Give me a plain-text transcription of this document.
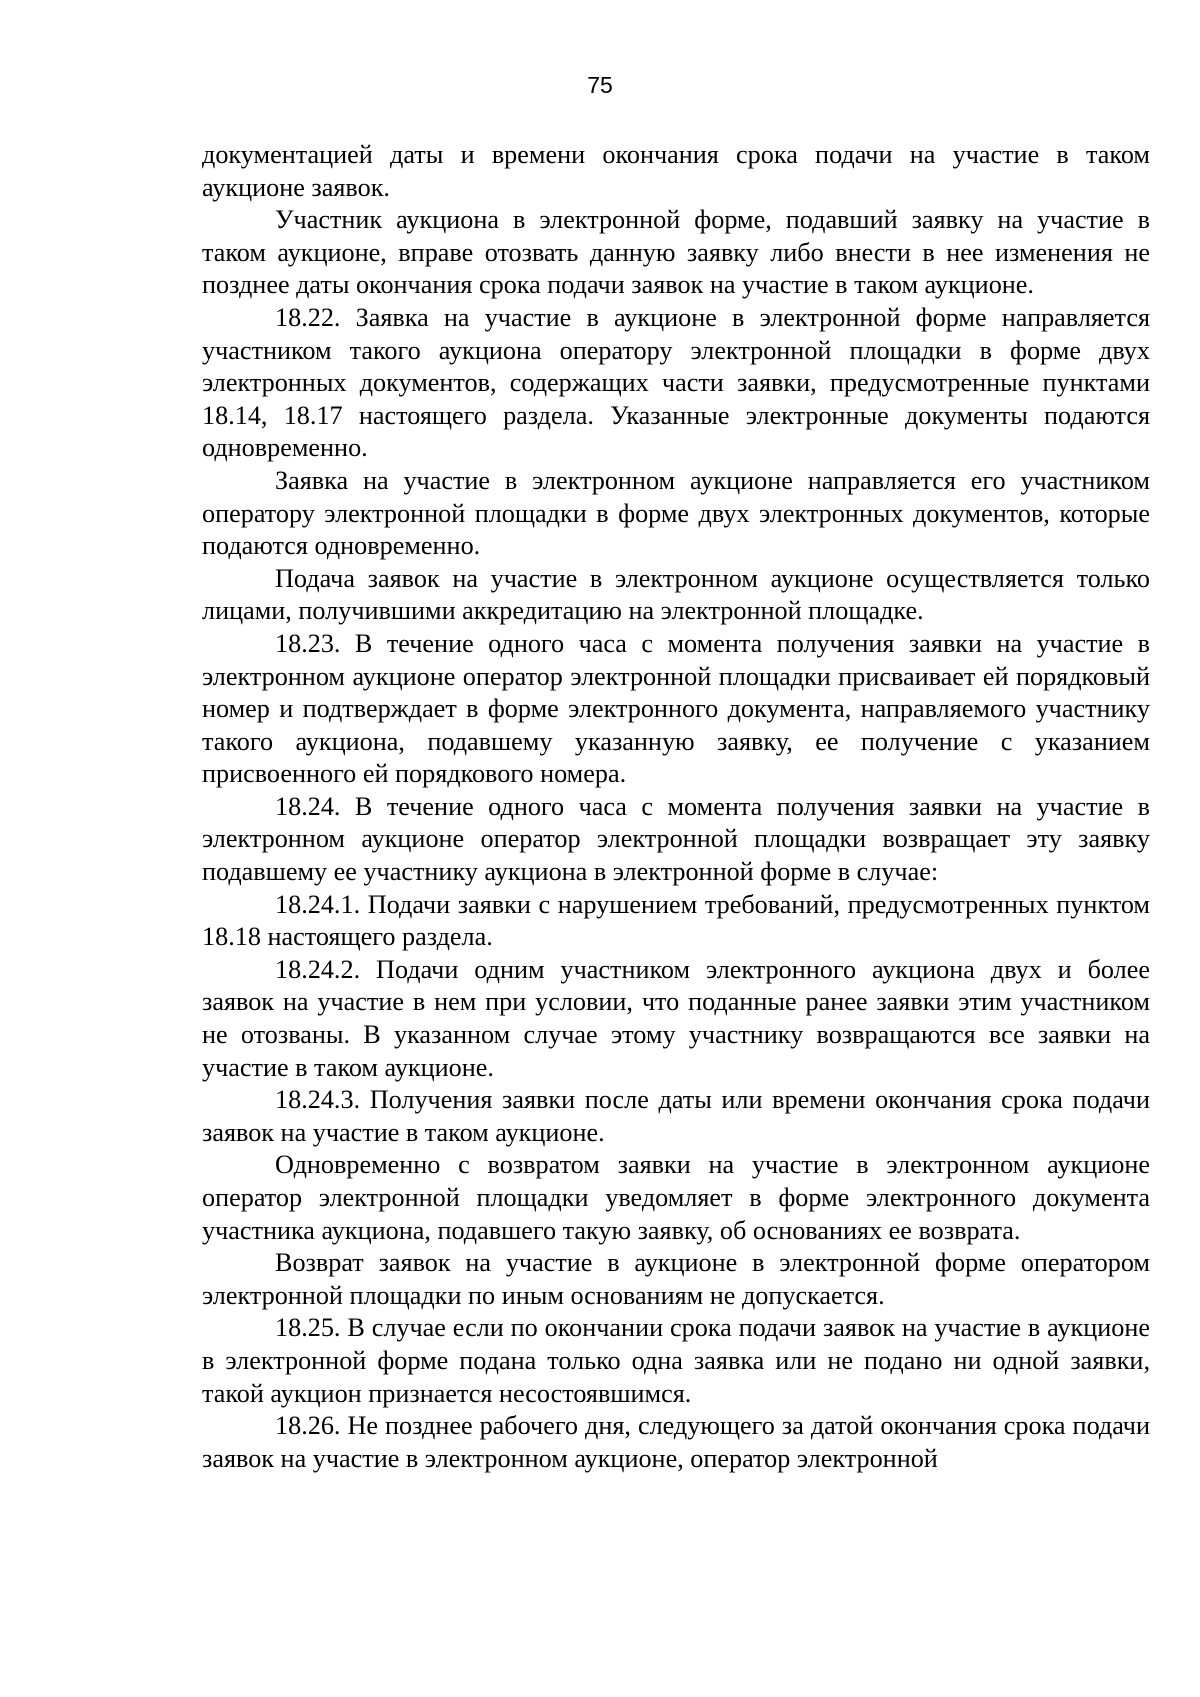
75

документацией даты и времени окончания срока подачи на участие в таком аукционе заявок.

Участник аукциона в электронной форме, подавший заявку на участие в таком аукционе, вправе отозвать данную заявку либо внести в нее изменения не позднее даты окончания срока подачи заявок на участие в таком аукционе.

18.22. Заявка на участие в аукционе в электронной форме направляется участником такого аукциона оператору электронной площадки в форме двух электронных документов, содержащих части заявки, предусмотренные пунктами 18.14, 18.17 настоящего раздела. Указанные электронные документы подаются одновременно.

Заявка на участие в электронном аукционе направляется его участником оператору электронной площадки в форме двух электронных документов, которые подаются одновременно.

Подача заявок на участие в электронном аукционе осуществляется только лицами, получившими аккредитацию на электронной площадке.

18.23. В течение одного часа с момента получения заявки на участие в электронном аукционе оператор электронной площадки присваивает ей порядковый номер и подтверждает в форме электронного документа, направляемого участнику такого аукциона, подавшему указанную заявку, ее получение с указанием присвоенного ей порядкового номера.

18.24. В течение одного часа с момента получения заявки на участие в электронном аукционе оператор электронной площадки возвращает эту заявку подавшему ее участнику аукциона в электронной форме в случае:

18.24.1. Подачи заявки с нарушением требований, предусмотренных пунктом 18.18 настоящего раздела.

18.24.2. Подачи одним участником электронного аукциона двух и более заявок на участие в нем при условии, что поданные ранее заявки этим участником не отозваны. В указанном случае этому участнику возвращаются все заявки на участие в таком аукционе.

18.24.3. Получения заявки после даты или времени окончания срока подачи заявок на участие в таком аукционе.

Одновременно с возвратом заявки на участие в электронном аукционе оператор электронной площадки уведомляет в форме электронного документа участника аукциона, подавшего такую заявку, об основаниях ее возврата.

Возврат заявок на участие в аукционе в электронной форме оператором электронной площадки по иным основаниям не допускается.

18.25. В случае если по окончании срока подачи заявок на участие в аукционе в электронной форме подана только одна заявка или не подано ни одной заявки, такой аукцион признается несостоявшимся.

18.26. Не позднее рабочего дня, следующего за датой окончания срока подачи заявок на участие в электронном аукционе, оператор электронной
